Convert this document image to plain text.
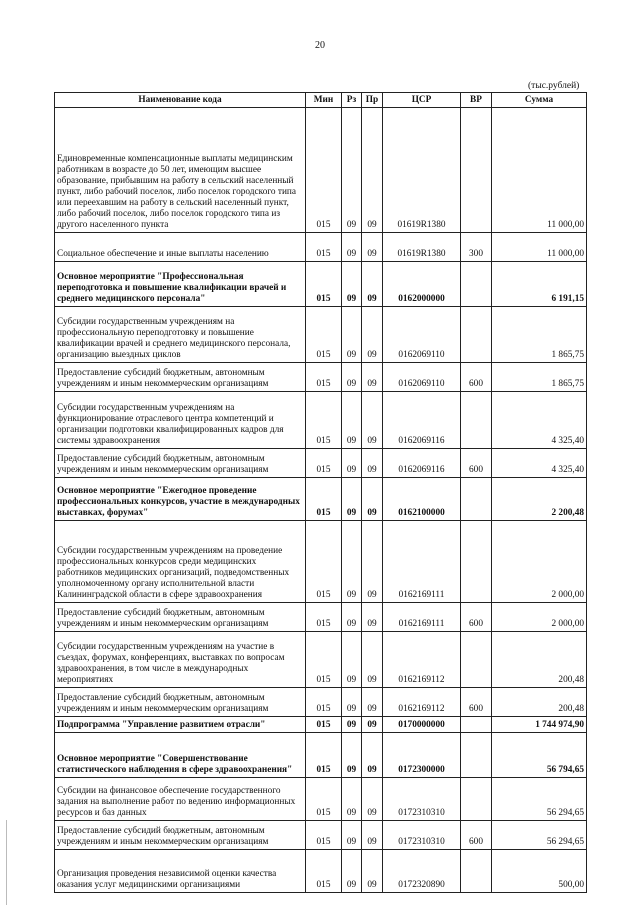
20
(тыс.рублей)
Наименование кода	Мин	Рз	Пр	ЦСР	ВР	Сумма
Единовременные компенсационные выплаты медицинским работникам в возрасте до 50 лет, имеющим высшее образование, прибывшим на работу в сельский населенный пункт, либо рабочий поселок, либо поселок городского типа или переехавшим на работу в сельский населенный пункт, либо рабочий поселок, либо поселок городского типа из другого населенного пункта	015	09	09	01619R1380		11 000,00
Социальное обеспечение и иные выплаты населению	015	09	09	01619R1380	300	11 000,00
Основное мероприятие "Профессиональная переподготовка и повышение квалификации врачей и среднего медицинского персонала"	015	09	09	0162000000		6 191,15
Субсидии государственным учреждениям на профессиональную переподготовку и повышение квалификации врачей и среднего медицинского персонала, организацию выездных циклов	015	09	09	0162069110		1 865,75
Предоставление субсидий бюджетным, автономным учреждениям и иным некоммерческим организациям	015	09	09	0162069110	600	1 865,75
Субсидии государственным учреждениям на функционирование отраслевого центра компетенций и организации подготовки квалифицированных кадров для системы здравоохранения	015	09	09	0162069116		4 325,40
Предоставление субсидий бюджетным, автономным учреждениям и иным некоммерческим организациям	015	09	09	0162069116	600	4 325,40
Основное мероприятие "Ежегодное проведение профессиональных конкурсов, участие в международных выставках, форумах"	015	09	09	0162100000		2 200,48
Субсидии государственным учреждениям на проведение профессиональных конкурсов среди медицинских работников медицинских организаций, подведомственных уполномоченному органу исполнительной власти Калининградской области в сфере здравоохранения	015	09	09	0162169111		2 000,00
Предоставление субсидий бюджетным, автономным учреждениям и иным некоммерческим организациям	015	09	09	0162169111	600	2 000,00
Субсидии государственным учреждениям на участие в съездах, форумах, конференциях, выставках по вопросам здравоохранения, в том числе в международных мероприятиях	015	09	09	0162169112		200,48
Предоставление субсидий бюджетным, автономным учреждениям и иным некоммерческим организациям	015	09	09	0162169112	600	200,48
Подпрограмма "Управление развитием отрасли"	015	09	09	0170000000		1 744 974,90
Основное мероприятие "Совершенствование статистического наблюдения в сфере здравоохранения"	015	09	09	0172300000		56 794,65
Субсидии на финансовое обеспечение государственного задания на выполнение работ по ведению информационных ресурсов и баз данных	015	09	09	0172310310		56 294,65
Предоставление субсидий бюджетным, автономным учреждениям и иным некоммерческим организациям	015	09	09	0172310310	600	56 294,65
Организация проведения независимой оценки качества оказания услуг медицинскими организациями	015	09	09	0172320890		500,00
